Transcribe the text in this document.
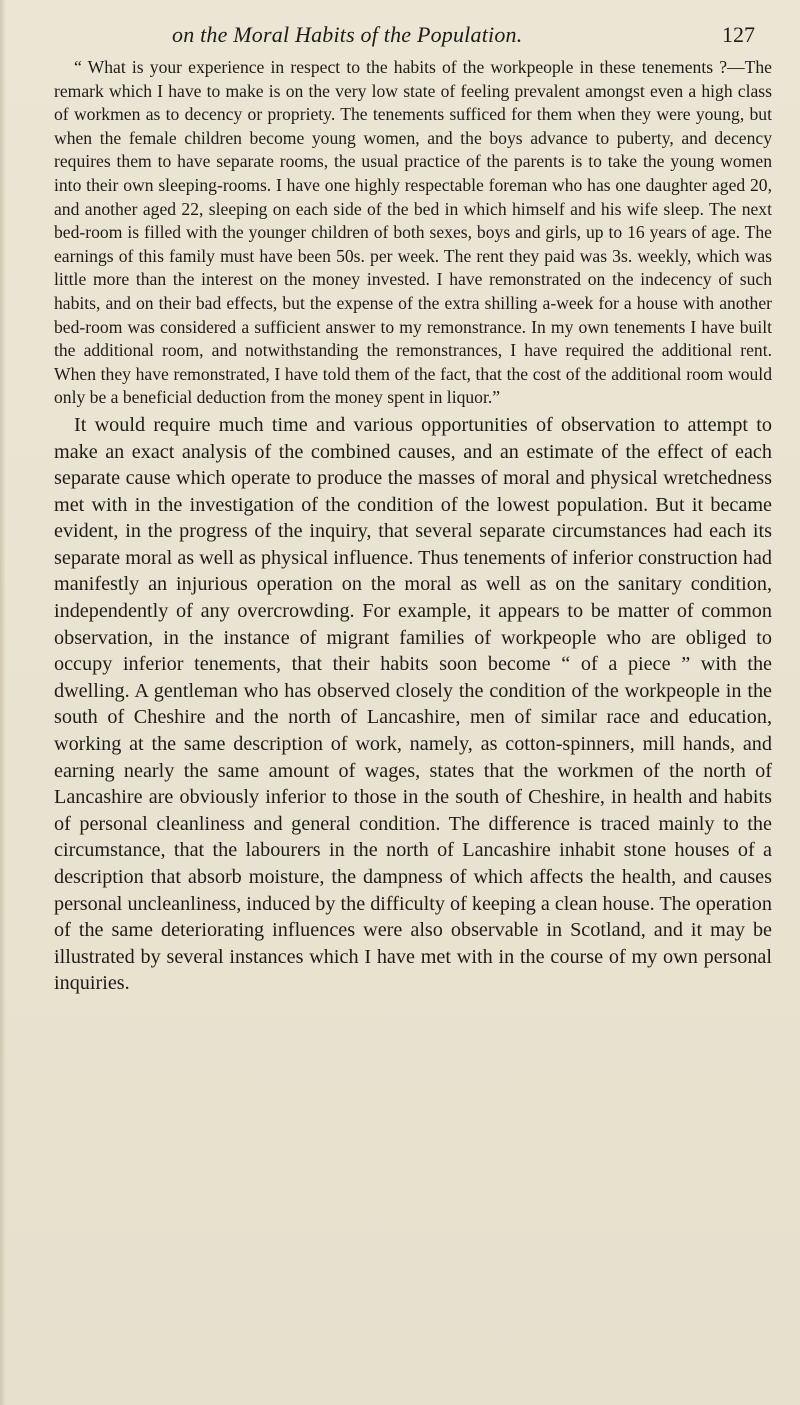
on the Moral Habits of the Population.	127

“ What is your experience in respect to the habits of the workpeople in these tenements ?—The remark which I have to make is on the very low state of feeling prevalent amongst even a high class of workmen as to decency or propriety. The tenements sufficed for them when they were young, but when the female children become young women, and the boys advance to puberty, and decency requires them to have separate rooms, the usual practice of the parents is to take the young women into their own sleeping-rooms. I have one highly respectable foreman who has one daughter aged 20, and another aged 22, sleeping on each side of the bed in which himself and his wife sleep. The next bed-room is filled with the younger children of both sexes, boys and girls, up to 16 years of age. The earnings of this family must have been 50s. per week. The rent they paid was 3s. weekly, which was little more than the interest on the money invested. I have remonstrated on the indecency of such habits, and on their bad effects, but the expense of the extra shilling a-week for a house with another bed-room was considered a sufficient answer to my remonstrance. In my own tenements I have built the additional room, and notwithstanding the remonstrances, I have required the additional rent. When they have remonstrated, I have told them of the fact, that the cost of the additional room would only be a beneficial deduction from the money spent in liquor.”

It would require much time and various opportunities of observation to attempt to make an exact analysis of the combined causes, and an estimate of the effect of each separate cause which operate to produce the masses of moral and physical wretchedness met with in the investigation of the condition of the lowest population. But it became evident, in the progress of the inquiry, that several separate circumstances had each its separate moral as well as physical influence. Thus tenements of inferior construction had manifestly an injurious operation on the moral as well as on the sanitary condition, independently of any overcrowding. For example, it appears to be matter of common observation, in the instance of migrant families of workpeople who are obliged to occupy inferior tenements, that their habits soon become “ of a piece ” with the dwelling. A gentleman who has observed closely the condition of the workpeople in the south of Cheshire and the north of Lancashire, men of similar race and education, working at the same description of work, namely, as cotton-spinners, mill hands, and earning nearly the same amount of wages, states that the workmen of the north of Lancashire are obviously inferior to those in the south of Cheshire, in health and habits of personal cleanliness and general condition. The difference is traced mainly to the circumstance, that the labourers in the north of Lancashire inhabit stone houses of a description that absorb moisture, the dampness of which affects the health, and causes personal uncleanliness, induced by the difficulty of keeping a clean house. The operation of the same deteriorating influences were also observable in Scotland, and it may be illustrated by several instances which I have met with in the course of my own personal inquiries.
